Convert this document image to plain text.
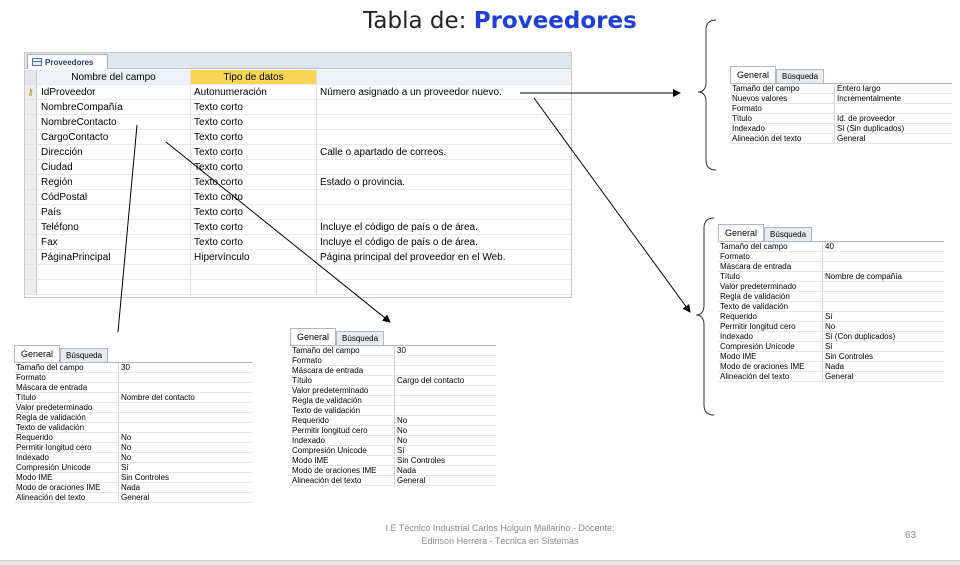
Tabla de: Proveedores
Proveedores
Nombre del campo	Tipo de datos
⚷ IdProveedor	Autonumeración	Número asignado a un proveedor nuevo.
NombreCompañía	Texto corto
NombreContacto	Texto corto
CargoContacto	Texto corto
Dirección	Texto corto	Calle o apartado de correos.
Ciudad	Texto corto
Región	Texto corto	Estado o provincia.
CódPostal	Texto corto
País	Texto corto
Teléfono	Texto corto	Incluye el código de país o de área.
Fax	Texto corto	Incluye el código de país o de área.
PáginaPrincipal	Hipervínculo	Página principal del proveedor en el Web.
General	Búsqueda
Tamaño del campo	Entero largo
Nuevos valores	Incrementalmente
Formato
Título	Id. de proveedor
Indexado	Sí (Sin duplicados)
Alineación del texto	General
General	Búsqueda
Tamaño del campo	40
Formato
Máscara de entrada
Título	Nombre de compañía
Valor predeterminado
Regla de validación
Texto de validación
Requerido	Sí
Permitir longitud cero	No
Indexado	Sí (Con duplicados)
Compresión Unicode	Sí
Modo IME	Sin Controles
Modo de oraciones IME	Nada
Alineación del texto	General
General	Búsqueda
Tamaño del campo	30
Formato
Máscara de entrada
Título	Nombre del contacto
Valor predeterminado
Regla de validación
Texto de validación
Requerido	No
Permitir longitud cero	No
Indexado	No
Compresión Unicode	Sí
Modo IME	Sin Controles
Modo de oraciones IME	Nada
Alineación del texto	General
General	Búsqueda
Tamaño del campo	30
Formato
Máscara de entrada
Título	Cargo del contacto
Valor predeterminado
Regla de validación
Texto de validación
Requerido	No
Permitir longitud cero	No
Indexado	No
Compresión Unicode	Sí
Modo IME	Sin Controles
Modo de oraciones IME	Nada
Alineación del texto	General
I.E Técnico Industrial Carlos Holguín Mallarino - Docente:
Edinson Herrera - Técnica en Sistemas	63
